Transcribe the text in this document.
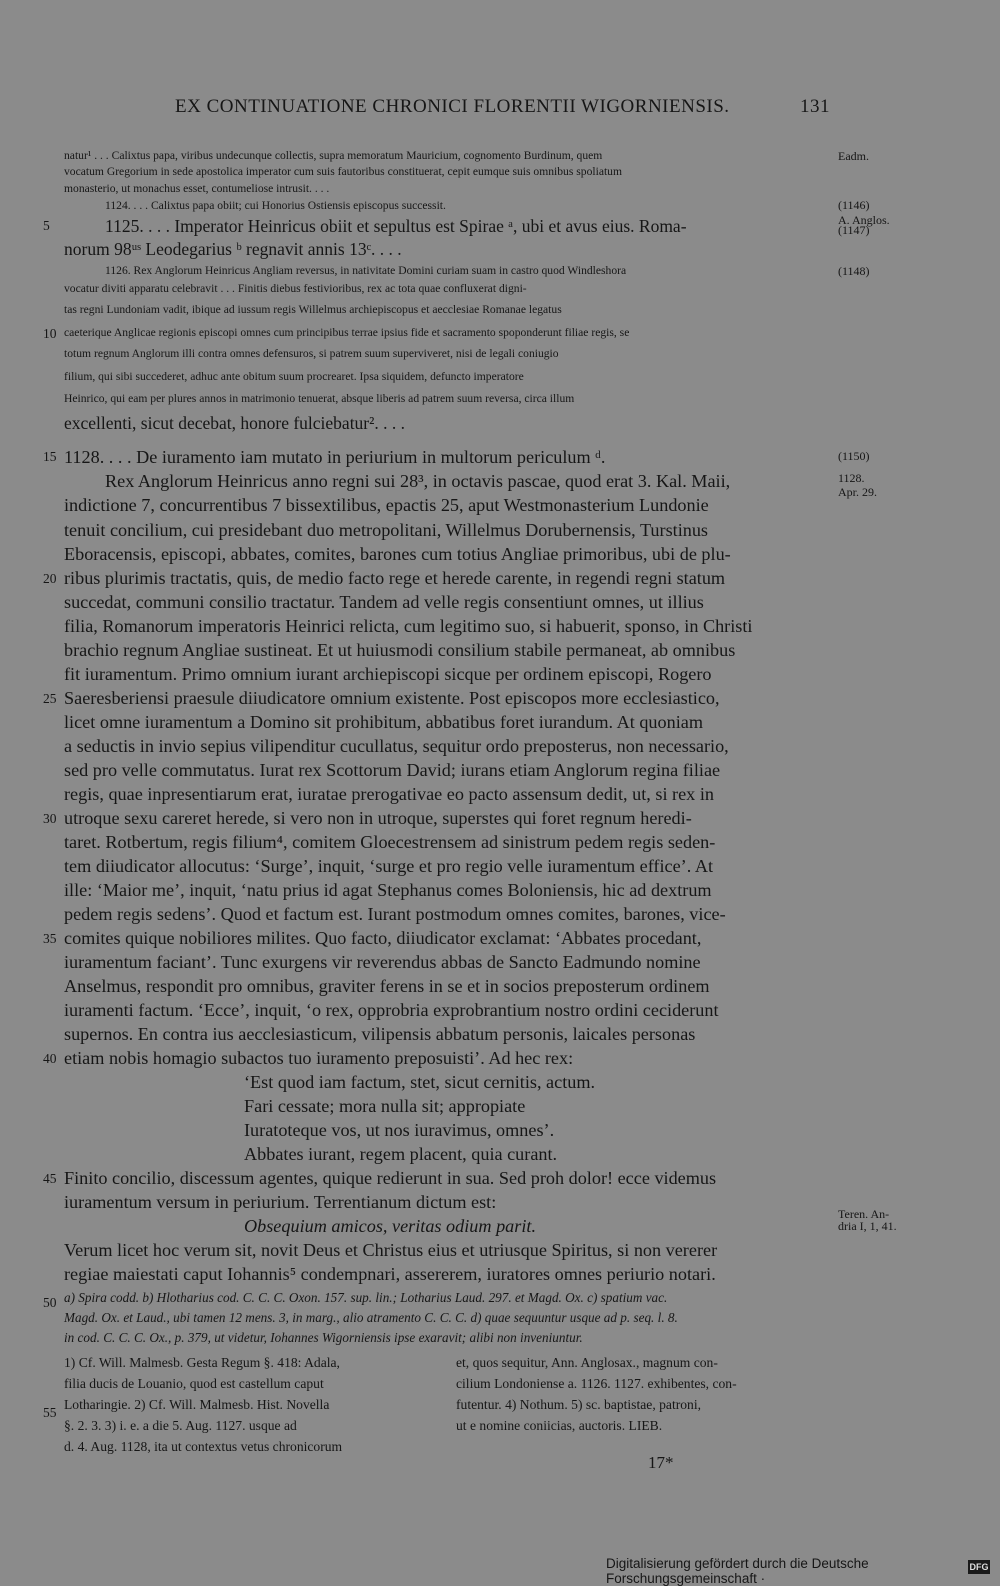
EX CONTINUATIONE CHRONICI FLORENTII WIGORNIENSIS.	131
natur¹ . . . Calixtus papa, viribus undecunque collectis, supra memoratum Mauricium, cognomento Burdinum, quem
vocatum Gregorium in sede apostolica imperator cum suis fautoribus constituerat, cepit eumque suis omnibus spoliatum
monasterio, ut monachus esset, contumeliose intrusit. . . .
1124. . . . Calixtus papa obiit; cui Honorius Ostiensis episcopus successit.
1125. . . . Imperator Heinricus obiit et sepultus est Spirae ᵃ, ubi et avus eius. Roma-
norum 98ᵘˢ Leodegarius ᵇ regnavit annis 13ᶜ. . . .
1126. Rex Anglorum Heinricus Angliam reversus, in nativitate Domini curiam suam in castro quod Windleshora
vocatur diviti apparatu celebravit . . . Finitis diebus festivioribus, rex ac tota quae confluxerat digni-
tas regni Lundoniam vadit, ibique ad iussum regis Willelmus archiepiscopus et aecclesiae Romanae legatus
caeterique Angliсae regionis episcopi omnes cum principibus terrae ipsius fide et sacramento spoponderunt filiae regis, se
totum regnum Anglorum illi contra omnes defensuros, si patrem suum superviveret, nisi de legali coniugio
filium, qui sibi succederet, adhuc ante obitum suum procrearet. Ipsa siquidem, defuncto imperatore
Heinrico, qui eam per plures annos in matrimonio tenuerat, absque liberis ad patrem suum reversa, circa illum
excellenti, sicut decebat, honore fulciebatur². . . .
1128. . . . De iuramento iam mutato in periurium in multorum periculum ᵈ.
Rex Anglorum Heinricus anno regni sui 28³, in octavis pascae, quod erat 3. Kal. Maii,
indictione 7, concurrentibus 7 bissextilibus, epactis 25, aput Westmonasterium Lundonie
tenuit concilium, cui presidebant duo metropolitani, Willelmus Dorubernensis, Turstinus
Eboracensis, episcopi, abbates, comites, barones cum totius Angliae primoribus, ubi de plu-
ribus plurimis tractatis, quis, de medio facto rege et herede carente, in regendi regni statum
succedat, communi consilio tractatur. Tandem ad velle regis consentiunt omnes, ut illius
filia, Romanorum imperatoris Heinrici relicta, cum legitimo suo, si habuerit, sponso, in Christi
brachio regnum Angliae sustineat. Et ut huiusmodi consilium stabile permaneat, ab omnibus
fit iuramentum. Primo omnium iurant archiepiscopi sicque per ordinem episcopi, Rogero
Saeresberiensi praesule diiudicatore omnium existente. Post episcopos more ecclesiastico,
licet omne iuramentum a Domino sit prohibitum, abbatibus foret iurandum. At quoniam
a seductis in invio sepius vilipenditur cucullatus, sequitur ordo preposterus, non necessario,
sed pro velle commutatus. Iurat rex Scottorum David; iurans etiam Anglorum regina filiae
regis, quae inpresentiarum erat, iuratae prerogativae eo pacto assensum dedit, ut, si rex in
utroque sexu careret herede, si vero non in utroque, superstes qui foret regnum heredi-
taret. Rotbertum, regis filium⁴, comitem Gloecestrensem ad sinistrum pedem regis seden-
tem diiudicator allocutus: ‘Surge’, inquit, ‘surge et pro regio velle iuramentum effice’. At
ille: ‘Maior me’, inquit, ‘natu prius id agat Stephanus comes Boloniensis, hic ad dextrum
pedem regis sedens’. Quod et factum est. Iurant postmodum omnes comites, barones, vice-
comites quique nobiliores milites. Quo facto, diiudicator exclamat: ‘Abbates procedant,
iuramentum faciant’. Tunc exurgens vir reverendus abbas de Sancto Eadmundo nomine
Anselmus, respondit pro omnibus, graviter ferens in se et in socios preposterum ordinem
iuramenti factum. ‘Ecce’, inquit, ‘o rex, opprobria exprobrantium nostro ordini ceciderunt
supernos. En contra ius aecclesiasticum, vilipensis abbatum personis, laicales personas
etiam nobis homagio subactos tuo iuramento preposuisti’. Ad hec rex:
‘Est quod iam factum, stet, sicut cernitis, actum.
Fari cessate; mora nulla sit; appropiate
Iuratoteque vos, ut nos iuravimus, omnes’.
Abbates iurant, regem placent, quia curant.
Finito concilio, discessum agentes, quique redierunt in sua. Sed proh dolor! ecce videmus
iuramentum versum in periurium. Terrentianum dictum est:
Obsequium amicos, veritas odium parit.
Verum licet hoc verum sit, novit Deus et Christus eius et utriusque Spiritus, si non vererer
regiae maiestati caput Iohannis⁵ condempnari, assererem, iuratores omnes periurio notari.
5
10
15
20
25
30
35
40
45
50
55
Eadm.
(1146)
A. Anglos.
(1147)
(1148)
(1150)
1128.
Apr. 29.
Teren. An-
dria I, 1, 41.
a) Spira codd. b) Hlotharius cod. C. C. C. Oxon. 157. sup. lin.; Lotharius Laud. 297. et Magd. Ox. c) spatium vac.
Magd. Ox. et Laud., ubi tamen 12 mens. 3, in marg., alio atramento C. C. C. d) quae sequuntur usque ad p. seq. l. 8.
in cod. C. C. C. Ox., p. 379, ut videtur, Iohannes Wigorniensis ipse exaravit; alibi non inveniuntur.
1) Cf. Will. Malmesb. Gesta Regum §. 418: Adala,
filia ducis de Louanio, quod est castellum caput
Lotharingie. 2) Cf. Will. Malmesb. Hist. Novella
§. 2. 3. 3) i. e. a die 5. Aug. 1127. usque ad
d. 4. Aug. 1128, ita ut contextus vetus chronicorum
et, quos sequitur, Ann. Anglosax., magnum con-
cilium Londoniense a. 1126. 1127. exhibentes, con-
futentur. 4) Nothum. 5) sc. baptistae, patroni,
ut e nomine coniicias, auctoris. LIEB.
17*
Digitalisierung gefördert durch die Deutsche Forschungsgemeinschaft ·
DFG
